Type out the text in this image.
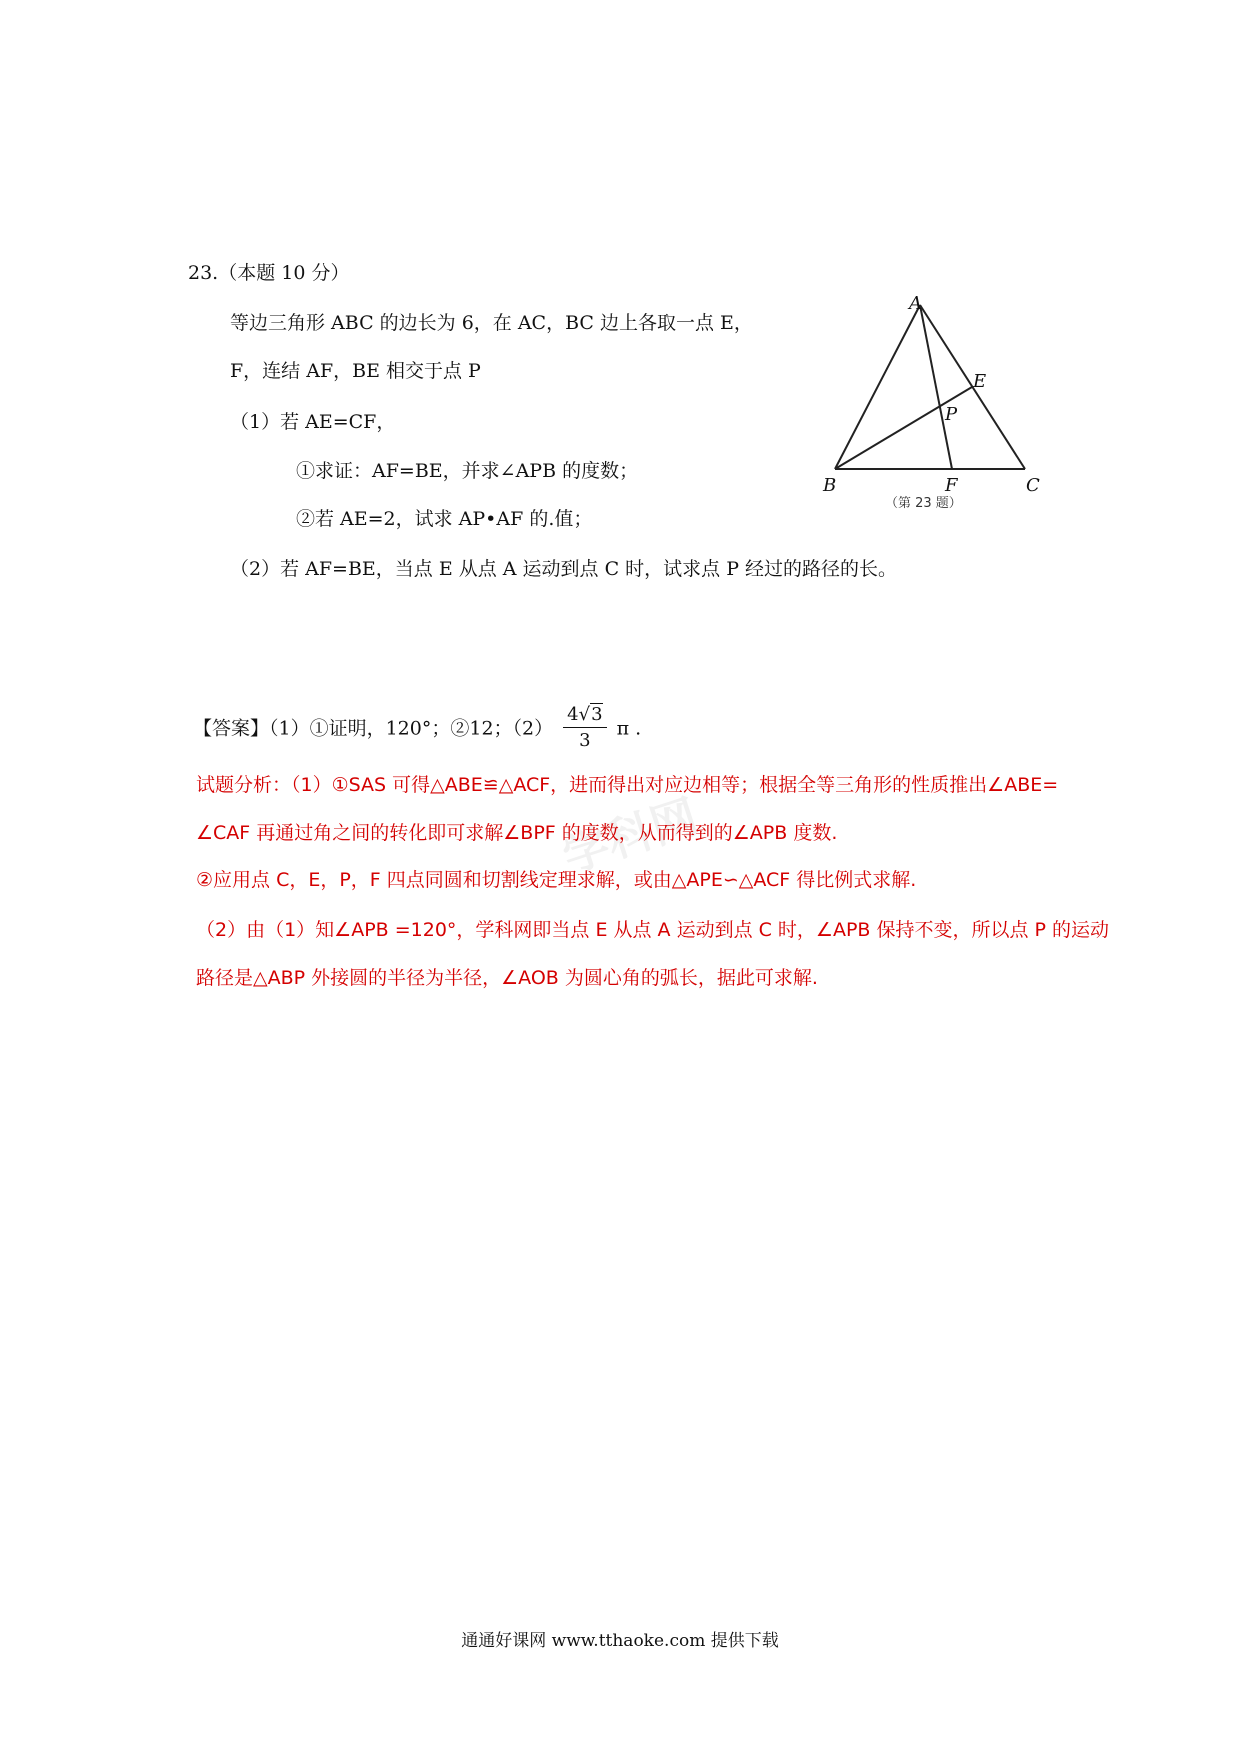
23.（本题 10 分）
等边三角形 ABC 的边长为 6，在 AC，BC 边上各取一点 E，
F，连结 AF，BE 相交于点 P
（1）若 AE=CF，
①求证：AF=BE，并求∠APB 的度数；
②若 AE=2，试求 AP•AF 的.值；
（2）若 AF=BE，当点 E 从点 A 运动到点 C 时，试求点 P 经过的路径的长。
A
E
P
B	F	C
（第 23 题）
【答案】（1）①证明，120°；②12；$(2) \frac{4√3}{3}$ π .
学科网
试题分析：（1）①SAS 可得△ABE≌△ACF，进而得出对应边相等；根据全等三角形的性质推出∠ABE=
∠CAF 再通过角之间的转化即可求解∠BPF 的度数，从而得到的∠APB 度数.
②应用点 C，E，P，F 四点同圆和切割线定理求解，或由△APE∽△ACF 得比例式求解.
（2）由（1）知∠APB =120°，学科网即当点 E 从点 A 运动到点 C 时，∠APB 保持不变，所以点 P 的运动
路径是△ABP 外接圆的半径为半径，∠AOB 为圆心角的弧长，据此可求解.
通通好课网 www.tthaoke.com 提供下载
